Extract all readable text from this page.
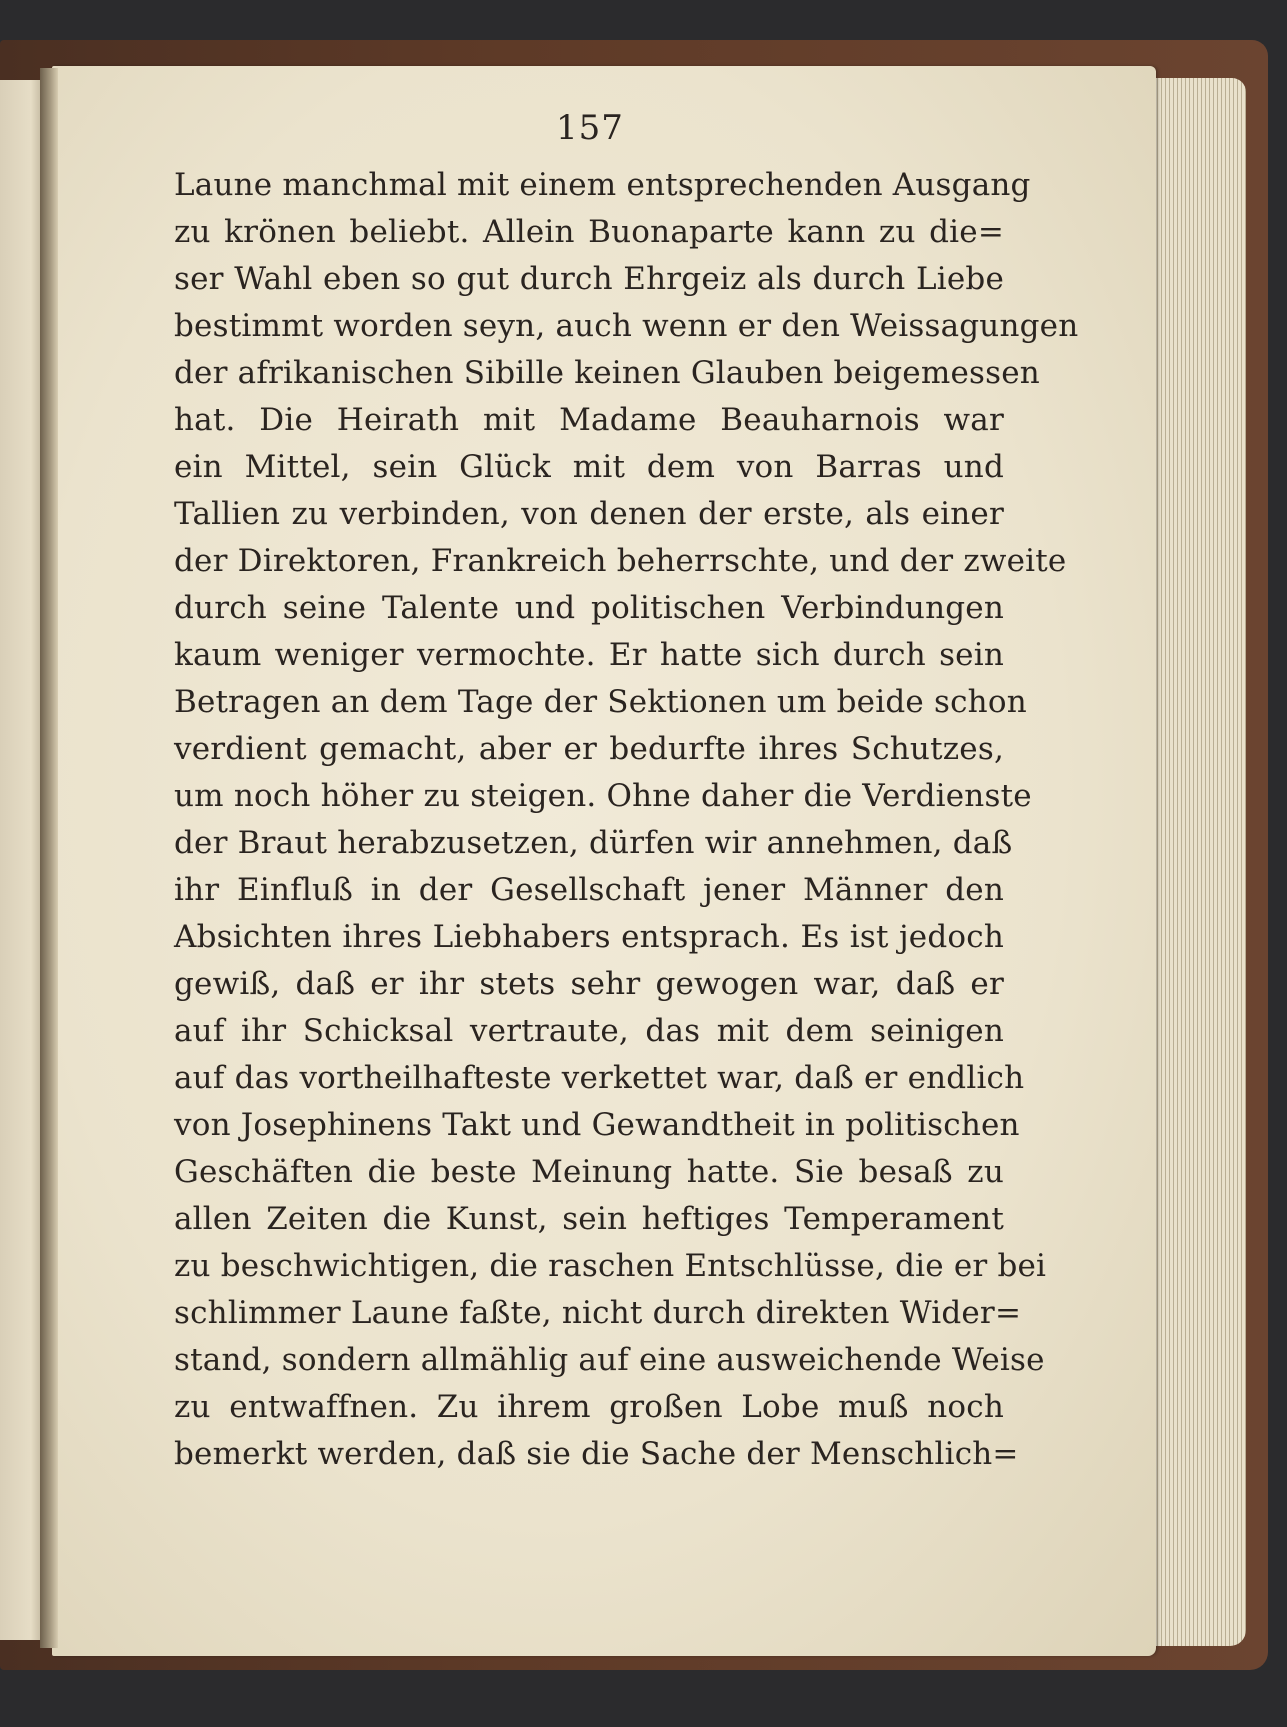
157
Laune manchmal mit einem entsprechenden Ausgang
zu krönen beliebt. Allein Buonaparte kann zu die=
ser Wahl eben so gut durch Ehrgeiz als durch Liebe
bestimmt worden seyn, auch wenn er den Weissagungen
der afrikanischen Sibille keinen Glauben beigemessen
hat. Die Heirath mit Madame Beauharnois war
ein Mittel, sein Glück mit dem von Barras und
Tallien zu verbinden, von denen der erste, als einer
der Direktoren, Frankreich beherrschte, und der zweite
durch seine Talente und politischen Verbindungen
kaum weniger vermochte. Er hatte sich durch sein
Betragen an dem Tage der Sektionen um beide schon
verdient gemacht, aber er bedurfte ihres Schutzes,
um noch höher zu steigen. Ohne daher die Verdienste
der Braut herabzusetzen, dürfen wir annehmen, daß
ihr Einfluß in der Gesellschaft jener Männer den
Absichten ihres Liebhabers entsprach. Es ist jedoch
gewiß, daß er ihr stets sehr gewogen war, daß er
auf ihr Schicksal vertraute, das mit dem seinigen
auf das vortheilhafteste verkettet war, daß er endlich
von Josephinens Takt und Gewandtheit in politischen
Geschäften die beste Meinung hatte. Sie besaß zu
allen Zeiten die Kunst, sein heftiges Temperament
zu beschwichtigen, die raschen Entschlüsse, die er bei
schlimmer Laune faßte, nicht durch direkten Wider=
stand, sondern allmählig auf eine ausweichende Weise
zu entwaffnen. Zu ihrem großen Lobe muß noch
bemerkt werden, daß sie die Sache der Menschlich=
